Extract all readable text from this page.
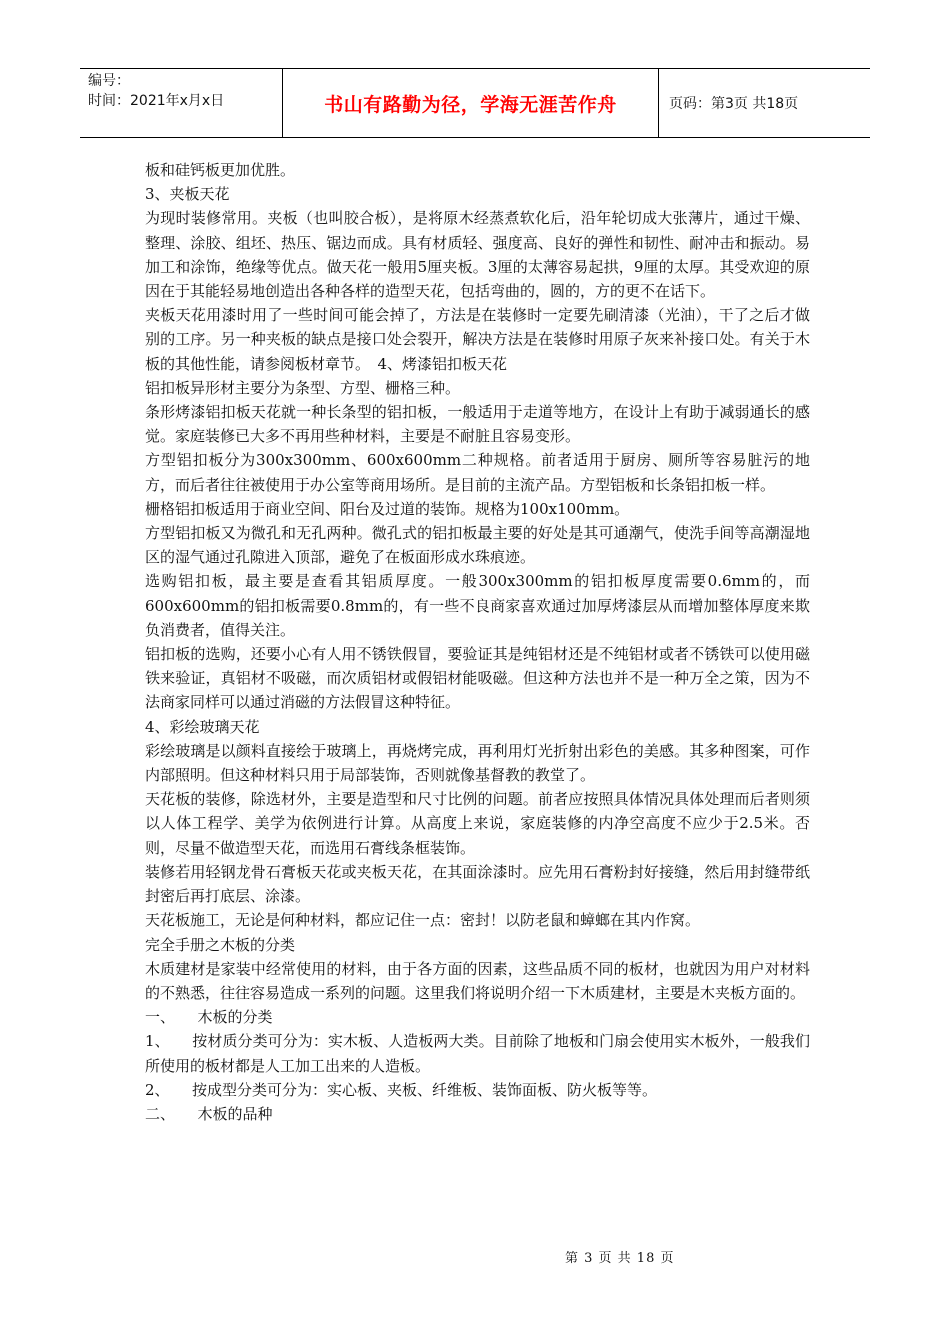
编号：
时间：2021年x月x日	书山有路勤为径，学海无涯苦作舟	页码：第3页 共18页

板和硅钙板更加优胜。

3、夹板天花

为现时装修常用。夹板（也叫胶合板），是将原木经蒸煮软化后，沿年轮切成大张薄片，通过干燥、整理、涂胶、组坯、热压、锯边而成。具有材质轻、强度高、良好的弹性和韧性、耐冲击和振动。易加工和涂饰，绝缘等优点。做天花一般用5厘夹板。3厘的太薄容易起拱，9厘的太厚。其受欢迎的原因在于其能轻易地创造出各种各样的造型天花，包括弯曲的，圆的，方的更不在话下。

夹板天花用漆时用了一些时间可能会掉了，方法是在装修时一定要先刷清漆（光油），干了之后才做别的工序。另一种夹板的缺点是接口处会裂开，解决方法是在装修时用原子灰来补接口处。有关于木板的其他性能，请参阅板材章节。　4、烤漆铝扣板天花

铝扣板异形材主要分为条型、方型、栅格三种。

条形烤漆铝扣板天花就一种长条型的铝扣板，一般适用于走道等地方，在设计上有助于减弱通长的感觉。家庭装修已大多不再用些种材料，主要是不耐脏且容易变形。

方型铝扣板分为300x300mm、600x600mm二种规格。前者适用于厨房、厕所等容易脏污的地方，而后者往往被使用于办公室等商用场所。是目前的主流产品。方型铝板和长条铝扣板一样。

栅格铝扣板适用于商业空间、阳台及过道的装饰。规格为100x100mm。

方型铝扣板又为微孔和无孔两种。微孔式的铝扣板最主要的好处是其可通潮气，使洗手间等高潮湿地区的湿气通过孔隙进入顶部，避免了在板面形成水珠痕迹。

选购铝扣板，最主要是查看其铝质厚度。一般300x300mm的铝扣板厚度需要0.6mm的，而600x600mm的铝扣板需要0.8mm的，有一些不良商家喜欢通过加厚烤漆层从而增加整体厚度来欺负消费者，值得关注。

铝扣板的选购，还要小心有人用不锈铁假冒，要验证其是纯铝材还是不纯铝材或者不锈铁可以使用磁铁来验证，真铝材不吸磁，而次质铝材或假铝材能吸磁。但这种方法也并不是一种万全之策，因为不法商家同样可以通过消磁的方法假冒这种特征。

4、彩绘玻璃天花

彩绘玻璃是以颜料直接绘于玻璃上，再烧烤完成，再利用灯光折射出彩色的美感。其多种图案，可作内部照明。但这种材料只用于局部装饰，否则就像基督教的教堂了。

天花板的装修，除选材外，主要是造型和尺寸比例的问题。前者应按照具体情况具体处理而后者则须以人体工程学、美学为依例进行计算。从高度上来说，家庭装修的内净空高度不应少于2.5米。否则，尽量不做造型天花，而选用石膏线条框装饰。

装修若用轻钢龙骨石膏板天花或夹板天花，在其面涂漆时。应先用石膏粉封好接缝，然后用封缝带纸封密后再打底层、涂漆。

天花板施工，无论是何种材料，都应记住一点：密封！以防老鼠和蟑螂在其内作窝。

完全手册之木板的分类

木质建材是家装中经常使用的材料，由于各方面的因素，这些品质不同的板材，也就因为用户对材料的不熟悉，往往容易造成一系列的问题。这里我们将说明介绍一下木质建材，主要是木夹板方面的。

一、　　木板的分类

1、　　按材质分类可分为：实木板、人造板两大类。目前除了地板和门扇会使用实木板外，一般我们所使用的板材都是人工加工出来的人造板。

2、　　按成型分类可分为：实心板、夹板、纤维板、装饰面板、防火板等等。

二、　　木板的品种

第 3 页 共 18 页
